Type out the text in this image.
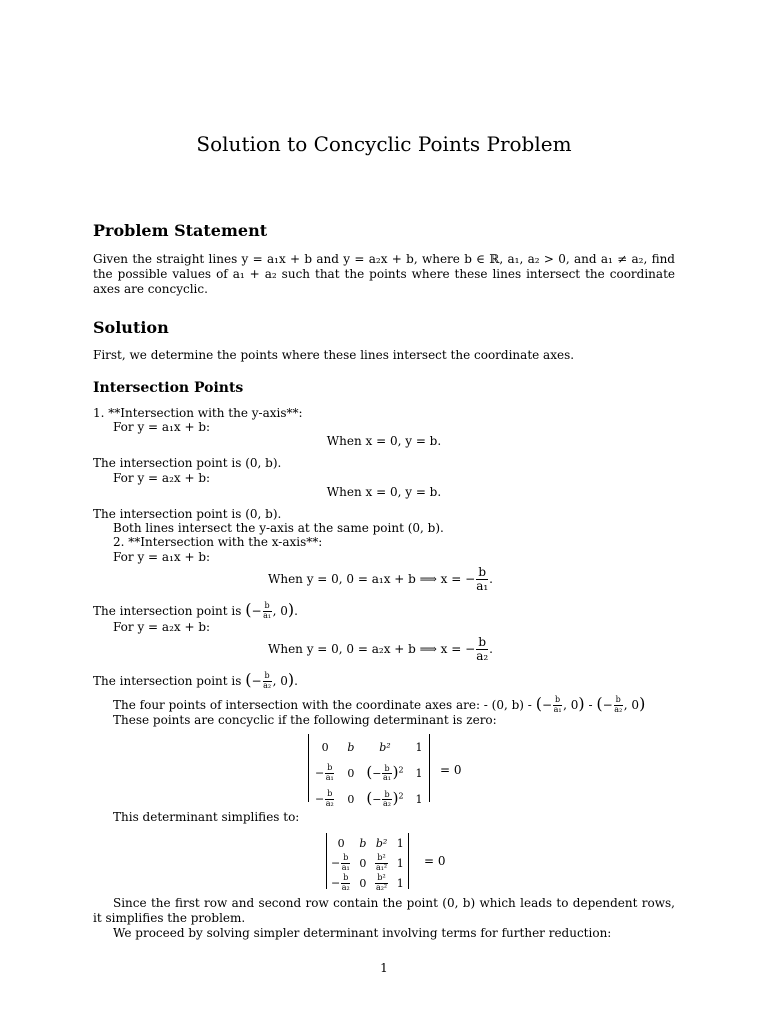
Solution to Concyclic Points Problem

Problem Statement

Given the straight lines y = a₁x + b and y = a₂x + b, where b ∈ ℝ, a₁, a₂ > 0, and a₁ ≠ a₂, find the possible values of a₁ + a₂ such that the points where these lines intersect the coordinate axes are concyclic.

Solution

First, we determine the points where these lines intersect the coordinate axes.

Intersection Points

1. **Intersection with the y-axis**:

For y = a₁x + b:

When x = 0, y = b.

The intersection point is (0, b).

For y = a₂x + b:

When x = 0, y = b.

The intersection point is (0, b).

Both lines intersect the y-axis at the same point (0, b).

2. **Intersection with the x-axis**:

For y = a₁x + b:

When y = 0, 0 = a₁x + b ⟹ x = − $\frac{b}{\text{a₁}}$ .
The intersection point is (− $\frac{b}{\text{a₁}}$ , 0).

For y = a₂x + b:

When y = 0, 0 = a₂x + b ⟹ x = − $\frac{b}{\text{a₂}}$ .
The intersection point is (− $\frac{b}{\text{a₂}}$ , 0).
The four points of intersection with the coordinate axes are: - (0, b) - (− $\frac{b}{\text{a₁}}$ , 0) - (− $\frac{b}{\text{a₂}}$ , 0)

These points are concyclic if the following determinant is zero:

0	b	b²	1
− $\frac{b}{\text{a₁}}$	0	(− $\frac{b}{\text{a₁}} )^2$	1
− $\frac{b}{\text{a₂}}$	0	(− $\frac{b}{\text{a₂}} )^2$	1
= 0

This determinant simplifies to:

0	b	b²	1
− $\frac{b}{\text{a₁}}$	0	$\frac{\text{b²}}{\text{a₁²}}$	1
− $\frac{b}{\text{a₂}}$	0	$\frac{\text{b²}}{\text{a₂²}}$	1
= 0

Since the first row and second row contain the point (0, b) which leads to dependent rows, it simplifies the problem.

We proceed by solving simpler determinant involving terms for further reduction:

1
